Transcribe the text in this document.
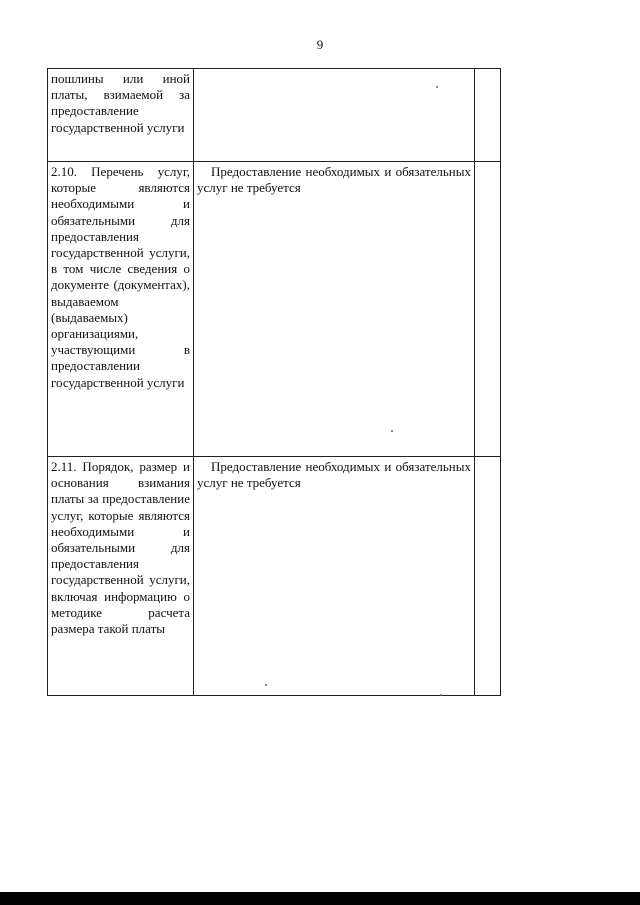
9
пошлины или иной платы, взимаемой за предоставление государственной услуги		
2.10. Перечень услуг, которые являются необходимыми и обязательными для предоставления государственной услуги, в том числе сведения о документе (документах), выдаваемом (выдаваемых) организациями, участвующими в предоставлении государственной услуги	Предоставление необходимых и обязательных услуг не требуется	
2.11. Порядок, размер и основания взимания платы за предоставление услуг, которые являются необходимыми и обязательными для предоставления государственной услуги, включая информацию о методике расчета размера такой платы	Предоставление необходимых и обязательных услуг не требуется	
